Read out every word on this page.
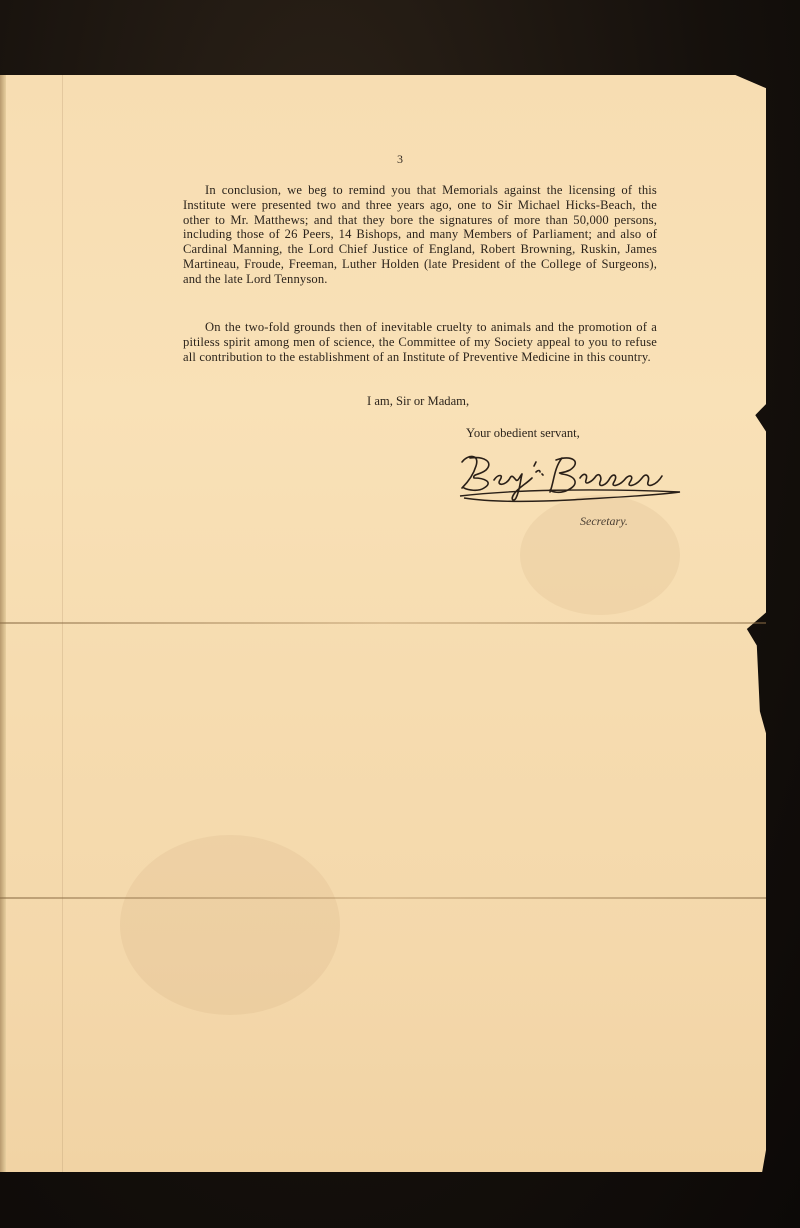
3

In conclusion, we beg to remind you that Memorials against the licensing of this Institute were presented two and three years ago, one to Sir Michael Hicks-Beach, the other to Mr. Matthews; and that they bore the signatures of more than 50,000 persons, including those of 26 Peers, 14 Bishops, and many Members of Parliament; and also of Cardinal Manning, the Lord Chief Justice of England, Robert Browning, Ruskin, James Martineau, Froude, Freeman, Luther Holden (late President of the College of Surgeons), and the late Lord Tennyson.

On the two-fold grounds then of inevitable cruelty to animals and the promotion of a pitiless spirit among men of science, the Committee of my Society appeal to you to refuse all contribution to the establishment of an Institute of Preventive Medicine in this country.

I am, Sir or Madam,
Your obedient servant,
Secretary.
